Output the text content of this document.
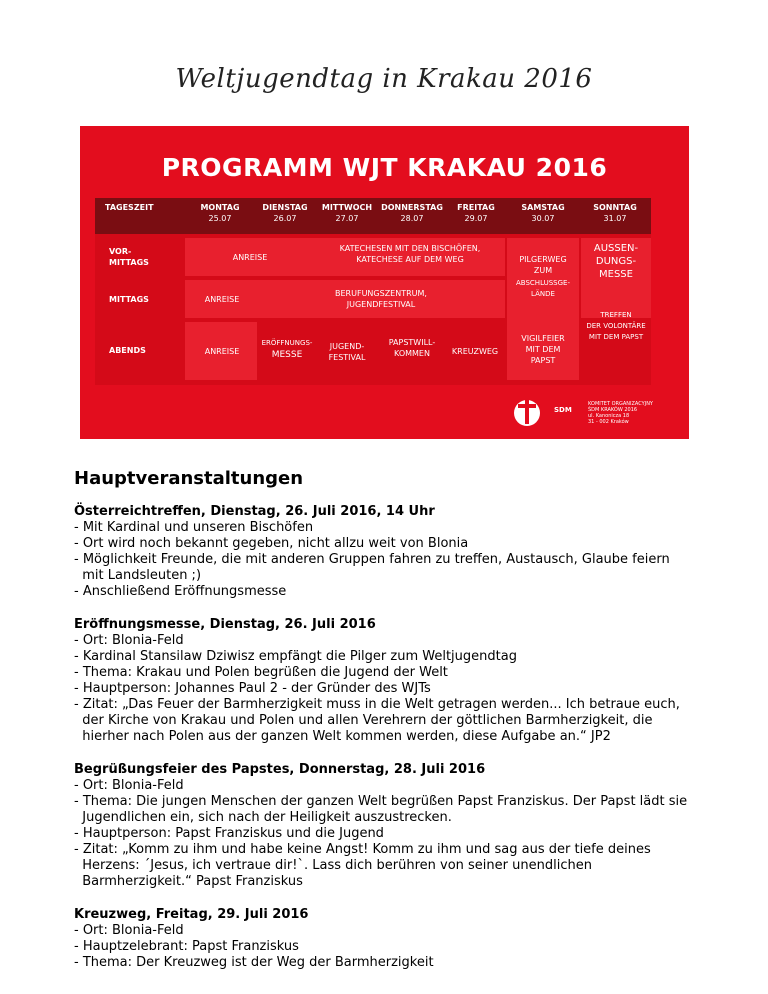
Weltjugendtag in Krakau 2016
PROGRAMM WJT KRAKAU 2016
TAGESZEIT	MONTAG
25.07
DIENSTAG
26.07
MITTWOCH
27.07
DONNERSTAG
28.07
FREITAG
29.07
SAMSTAG
30.07
SONNTAG
31.07
VOR-
MITTAGS
MITTAGS
ABENDS
ANREISE
KATECHESEN MIT DEN BISCHÖFEN,
KATECHESE AUF DEM WEG
ANREISE
BERUFUNGSZENTRUM,
JUGENDFESTIVAL
ANREISE
ERÖFFNUNGS-
MESSE
JUGEND-
FESTIVAL
PAPSTWILL-
KOMMEN	KREUZWEG
PILGERWEG
ZUM
ABSCHLUSSGE-
LÄNDE
VIGILFEIER
MIT DEM
PAPST
AUSSEN-
DUNGS-
MESSE
TREFFEN
DER VOLONTÄRE
MIT DEM PAPST
SDM
KOMITET ORGANIZACYJNY
ŚDM KRAKÓW 2016
ul. Kanonicza 18
31 - 002 Kraków
Hauptveranstaltungen
Österreichtreffen, Dienstag, 26. Juli 2016, 14 Uhr
- Mit Kardinal und unseren Bischöfen
- Ort wird noch bekannt gegeben, nicht allzu weit von Blonia
- Möglichkeit Freunde, die mit anderen Gruppen fahren zu treffen, Austausch, Glaube feiern
mit Landsleuten ;)
- Anschließend Eröffnungsmesse
Eröffnungsmesse, Dienstag, 26. Juli 2016
- Ort: Blonia-Feld
- Kardinal Stansilaw Dziwisz empfängt die Pilger zum Weltjugendtag
- Thema: Krakau und Polen begrüßen die Jugend der Welt
- Hauptperson: Johannes Paul 2 - der Gründer des WJTs
- Zitat: „Das Feuer der Barmherzigkeit muss in die Welt getragen werden... Ich betraue euch,
der Kirche von Krakau und Polen und allen Verehrern der göttlichen Barmherzigkeit, die
hierher nach Polen aus der ganzen Welt kommen werden, diese Aufgabe an.“ JP2
Begrüßungsfeier des Papstes, Donnerstag, 28. Juli 2016
- Ort: Blonia-Feld
- Thema: Die jungen Menschen der ganzen Welt begrüßen Papst Franziskus. Der Papst lädt sie
Jugendlichen ein, sich nach der Heiligkeit auszustrecken.
- Hauptperson: Papst Franziskus und die Jugend
- Zitat: „Komm zu ihm und habe keine Angst! Komm zu ihm und sag aus der tiefe deines
Herzens: ´Jesus, ich vertraue dir!`. Lass dich berühren von seiner unendlichen
Barmherzigkeit.“ Papst Franziskus
Kreuzweg, Freitag, 29. Juli 2016
- Ort: Blonia-Feld
- Hauptzelebrant: Papst Franziskus
- Thema: Der Kreuzweg ist der Weg der Barmherzigkeit
